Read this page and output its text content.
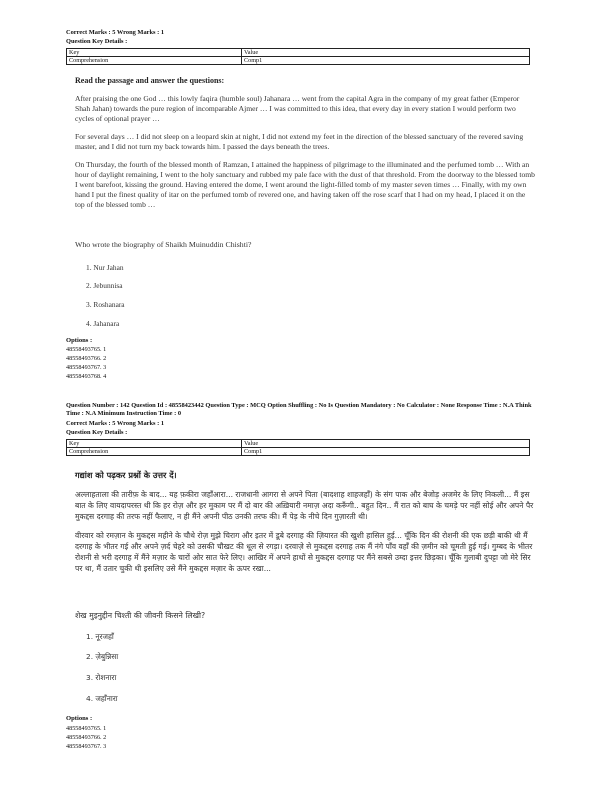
Correct Marks : 5 Wrong Marks : 1
Question Key Details :
Key	Value
Comprehension	Comp1

Read the passage and answer the questions:

After praising the one God … this lowly faqira (humble soul) Jahanara … went from the capital Agra in the company of my great father (Emperor Shah Jahan) towards the pure region of incomparable Ajmer … I was committed to this idea, that every day in every station I would perform two cycles of optional prayer …

For several days … I did not sleep on a leopard skin at night, I did not extend my feet in the direction of the blessed sanctuary of the revered saving master, and I did not turn my back towards him. I passed the days beneath the trees.

On Thursday, the fourth of the blessed month of Ramzan, I attained the happiness of pilgrimage to the illuminated and the perfumed tomb … With an hour of daylight remaining, I went to the holy sanctuary and rubbed my pale face with the dust of that threshold. From the doorway to the blessed tomb I went barefoot, kissing the ground. Having entered the dome, I went around the light-filled tomb of my master seven times … Finally, with my own hand I put the finest quality of itar on the perfumed tomb of revered one, and having taken off the rose scarf that I had on my head, I placed it on the top of the blessed tomb …

Who wrote the biography of Shaikh Muinuddin Chishti?
1. Nur Jahan
2. Jebunnisa
3. Roshanara
4. Jahanara
Options :
48558493765. 1
48558493766. 2
48558493767. 3
48558493768. 4
Question Number : 142 Question Id : 48558423442 Question Type : MCQ Option Shuffling : No Is Question Mandatory : No Calculator : None Response Time : N.A Think Time : N.A Minimum Instruction Time : 0
Correct Marks : 5 Wrong Marks : 1
Question Key Details :
Key	Value
Comprehension	Comp1

गद्यांश को पढ़कर प्रश्नों के उत्तर दें।

अल्लाहताला की तारीफ़ के बाद... यह फ़कीरा जहाँआरा... राजधानी आगरा से अपने पिता (बादशाह शाहजहाँ) के संग पाक और बेजोड़ अजमेर के लिए निकली... मैं इस बात के लिए वायदापरस्त थी कि हर रोज़ और हर मुकाम पर मैं दो बार की अख़ियारी नमाज़ अदा करूँगी.. बहुत दिन.. मैं रात को बाघ के चमड़े पर नहीं सोई और अपने पैर मुकद्दस दरगाह की तरफ नहीं फैलाए, न ही मैंने अपनी पीठ उनकी तरफ की। मैं पेड़ के नीचे दिन गुज़ारती थी।

वीरवार को रमज़ान के मुकद्दस महीने के चौथे रोज़ मुझे चिराग और इतर में डूबे दरगाह की ज़ियारत की खुशी हासिल हुई... चूँकि दिन की रोशनी की एक छड़ी बाकी थी मैं दरगाह के भीतर गई और अपने ज़र्द चेहरे को उसकी चौखट की धूल से रगड़ा। दरवाज़े से मुकद्दस दरगाह तक मैं नंगे पाँव वहाँ की ज़मीन को चूमती हुई गई। गुम्बद के भीतर रोशनी से भरी दरगाह में मैंने मज़ार के चारों ओर सात फेरे लिए। आखिर में अपने हाथों से मुकद्दस दरगाह पर मैंने सबसे उम्दा इत्तर छिड़का। चूँकि गुलाबी दुपट्टा जो मेरे सिर पर था, मैं उतार चुकी थी इसलिए उसे मैंने मुकद्दस मज़ार के ऊपर रखा...

शेख मुइनुद्दीन चिश्ती की जीवनी किसने लिखी?
1. नूरजहाँ
2. ज़ेबुन्निसा
3. रोशनारा
4. जहाँनारा
Options :
48558493765. 1
48558493766. 2
48558493767. 3
